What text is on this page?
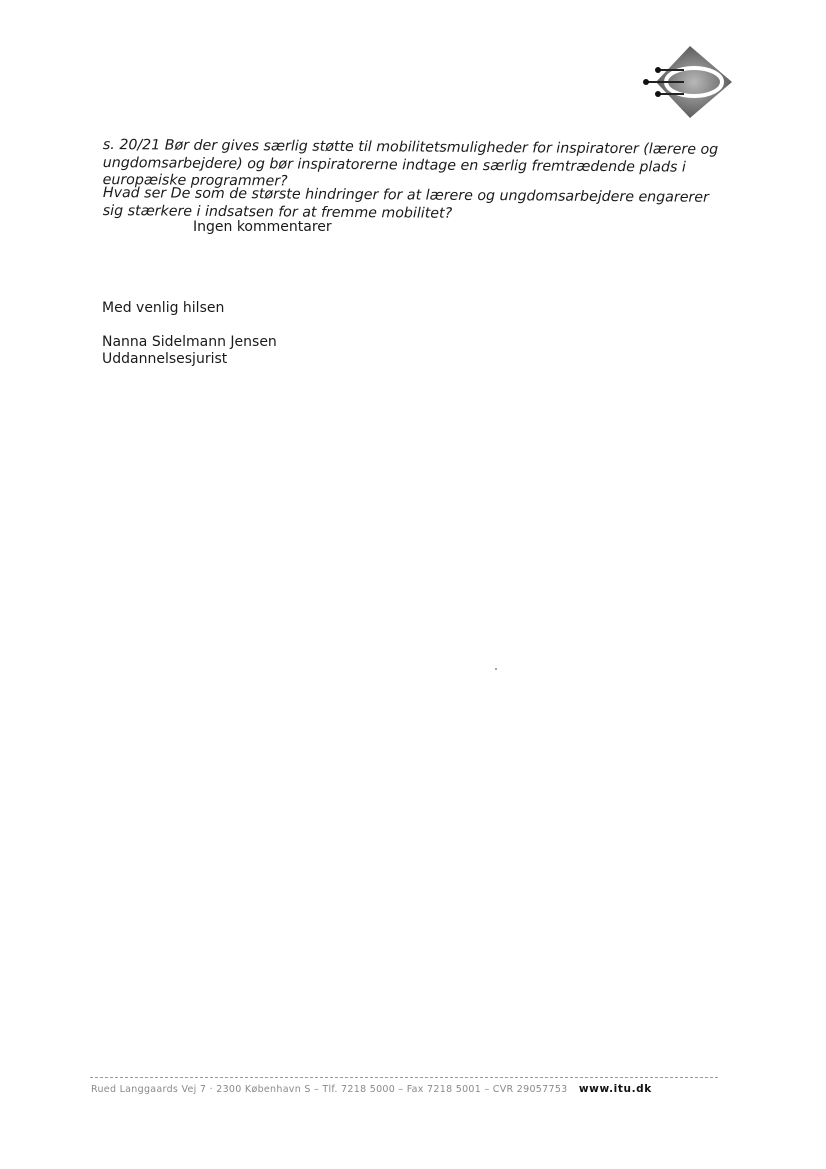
s. 20/21 Bør der gives særlig støtte til mobilitetsmuligheder for inspiratorer (lærere og ungdomsarbejdere) og bør inspiratorerne indtage en særlig fremtrædende plads i europæiske programmer?

Hvad ser De som de største hindringer for at lærere og ungdomsarbejdere engarerer sig stærkere i indsatsen for at fremme mobilitet?

Ingen kommentarer

Med venlig hilsen

Nanna Sidelmann Jensen
Uddannelsesjurist

Rued Langgaards Vej 7 · 2300 København S – Tlf. 7218 5000 – Fax 7218 5001 – CVR 29057753 www.itu.dk
